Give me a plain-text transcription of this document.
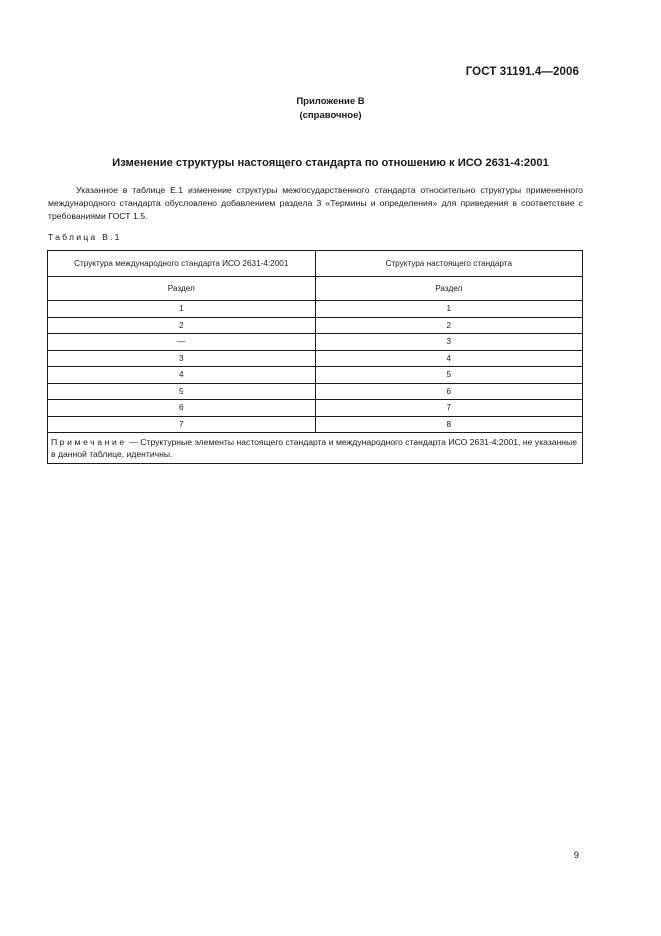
ГОСТ 31191.4—2006
Приложение В
(справочное)
Изменение структуры настоящего стандарта по отношению к ИСО 2631-4:2001

Указанное в таблице Е.1 изменение структуры межгосударственного стандарта относительно структуры примененного международного стандарта обусловлено добавлением раздела 3 «Термины и определения» для приведения в соответствие с требованиями ГОСТ 1.5.

Таблица В.1
Структура международного стандарта ИСО 2631-4:2001	Структура настоящего стандарта
Раздел	Раздел
1	1
2	2
—	3
3	4
4	5
5	6
6	7
7	8
Примечание — Структурные элементы настоящего стандарта и международного стандарта ИСО 2631-4:2001, не указанные в данной таблице, идентичны.	
9
